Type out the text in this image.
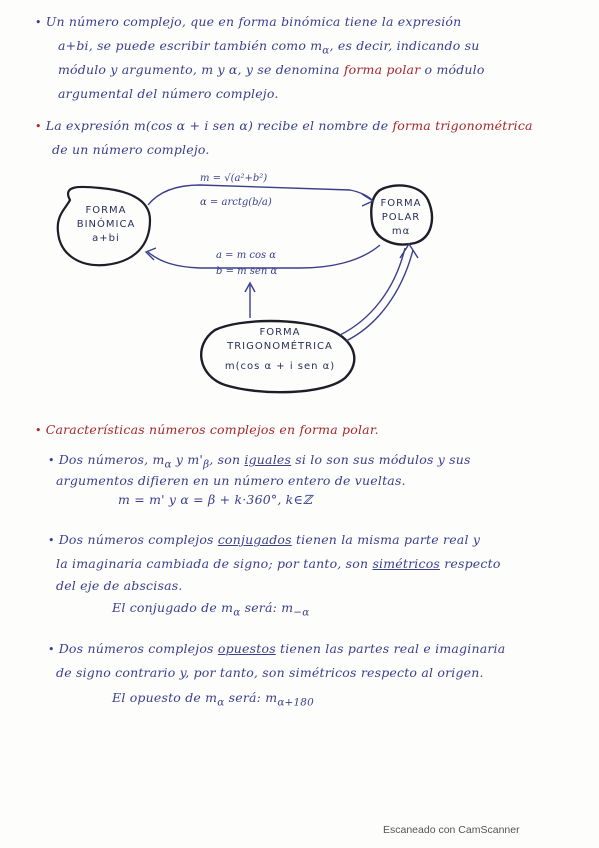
• Un número complejo, que en forma binómica tiene la expresión
a+bi, se puede escribir también como $m_\alpha$, es decir, indicando su
módulo y argumento, m y α, y se denomina forma polar o módulo
argumental del número complejo.
• La expresión m(cos α + i sen α) recibe el nombre de forma trigonométrica
de un número complejo.
FORMA
BINÓMICA
a+bi
FORMA
POLAR
mα
FORMA
TRIGONOMÉTRICA
m(cos α + i sen α)
m = √(a²+b²)
α = arctg(b/a)
a = m cos α
b = m sen α
• Características números complejos en forma polar.
• Dos números, $m_\alpha$ y $m'_\beta$, son iguales si lo son sus módulos y sus
argumentos difieren en un número entero de vueltas.
m = m' y α = β + k·360°, k∈ℤ
• Dos números complejos conjugados tienen la misma parte real y
la imaginaria cambiada de signo; por tanto, son simétricos respecto
del eje de abscisas.
El conjugado de $m_\alpha$ será: $m_{-\alpha}$
• Dos números complejos opuestos tienen las partes real e imaginaria
de signo contrario y, por tanto, son simétricos respecto al origen.
El opuesto de $m_\alpha$ será: $m_{\alpha+180}$
Escaneado con CamScanner
